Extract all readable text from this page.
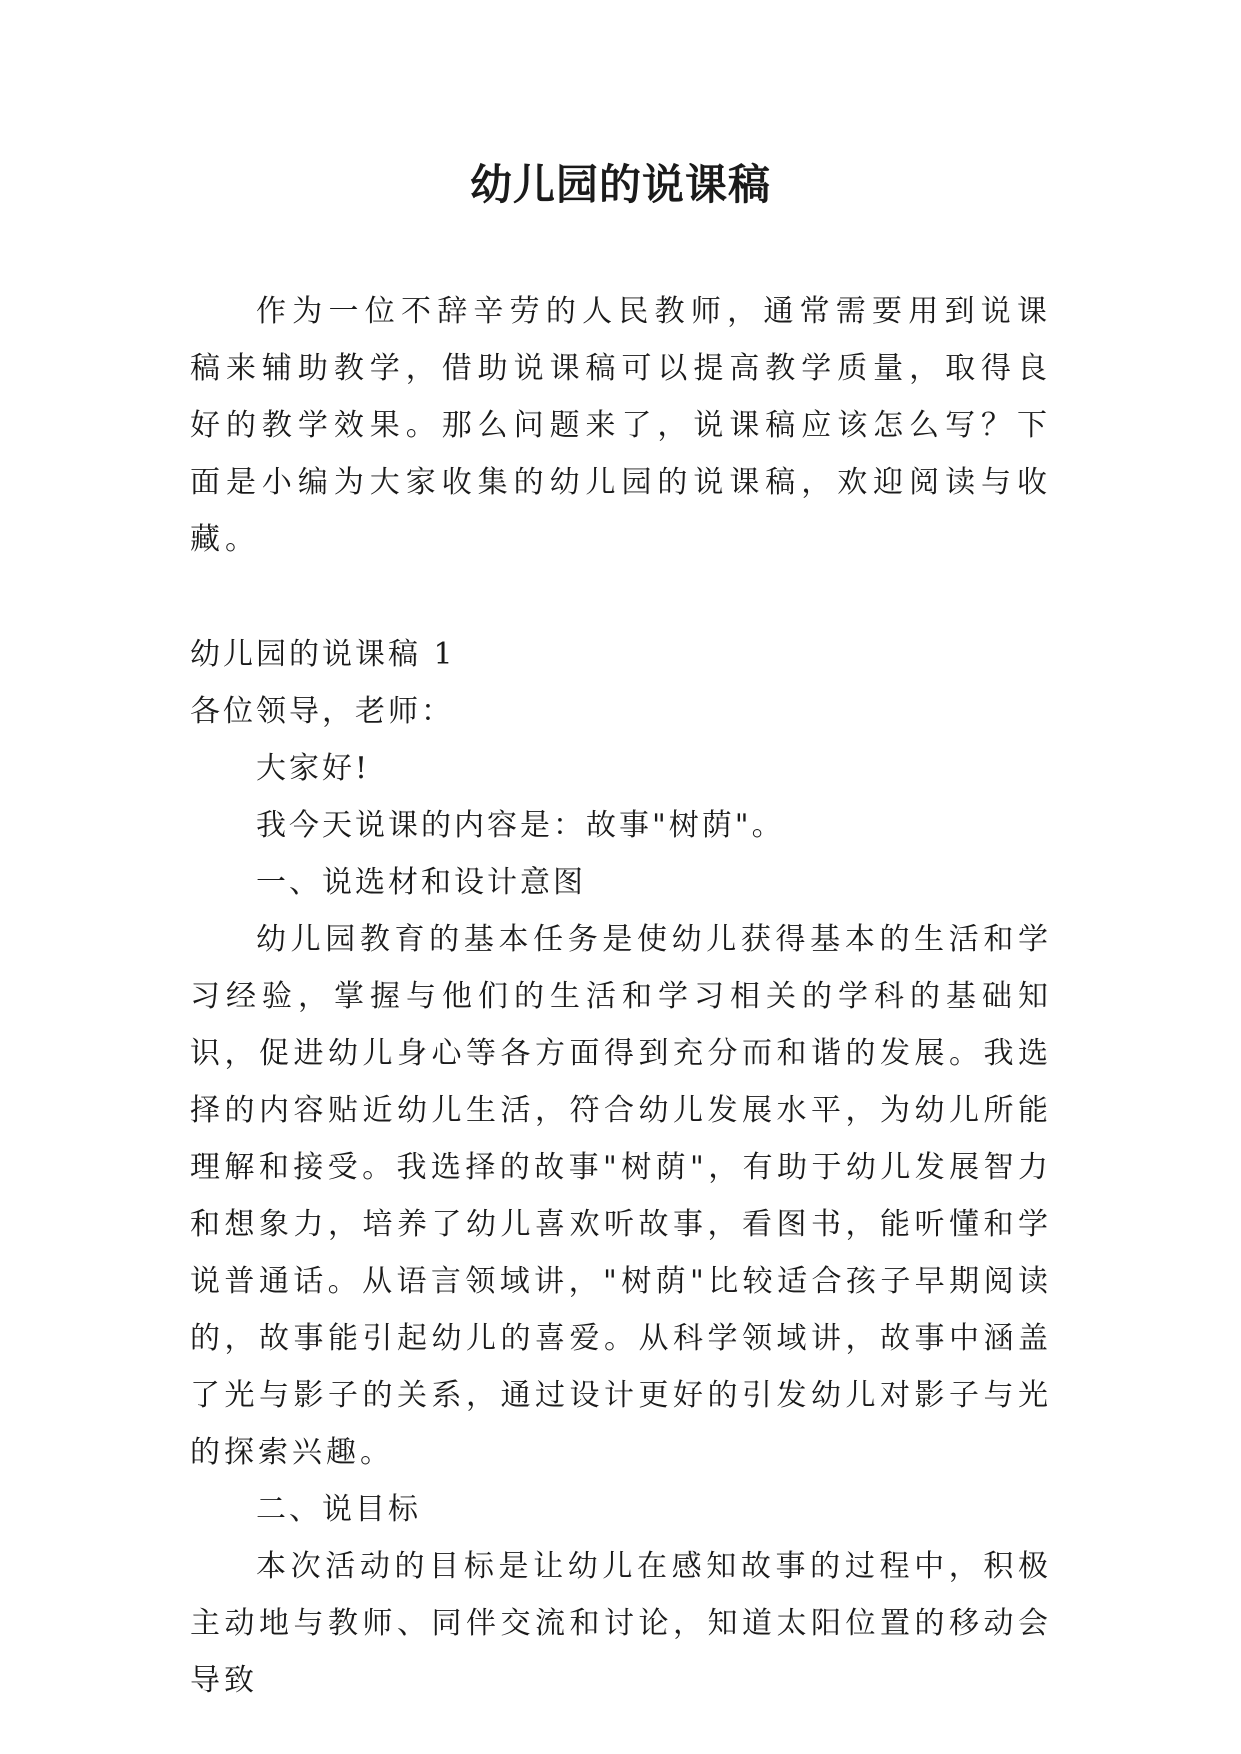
幼儿园的说课稿

作为一位不辞辛劳的人民教师，通常需要用到说课稿来辅助教学，借助说课稿可以提高教学质量，取得良好的教学效果。那么问题来了，说课稿应该怎么写？下面是小编为大家收集的幼儿园的说课稿，欢迎阅读与收藏。

幼儿园的说课稿 1

各位领导，老师：

大家好!

我今天说课的内容是：故事"树荫"。

一、说选材和设计意图

幼儿园教育的基本任务是使幼儿获得基本的生活和学习经验，掌握与他们的生活和学习相关的学科的基础知识，促进幼儿身心等各方面得到充分而和谐的发展。我选择的内容贴近幼儿生活，符合幼儿发展水平，为幼儿所能理解和接受。我选择的故事"树荫"，有助于幼儿发展智力和想象力，培养了幼儿喜欢听故事，看图书，能听懂和学说普通话。从语言领域讲，"树荫"比较适合孩子早期阅读的，故事能引起幼儿的喜爱。从科学领域讲，故事中涵盖了光与影子的关系，通过设计更好的引发幼儿对影子与光的探索兴趣。

二、说目标

本次活动的目标是让幼儿在感知故事的过程中，积极主动地与教师、同伴交流和讨论，知道太阳位置的移动会导致
